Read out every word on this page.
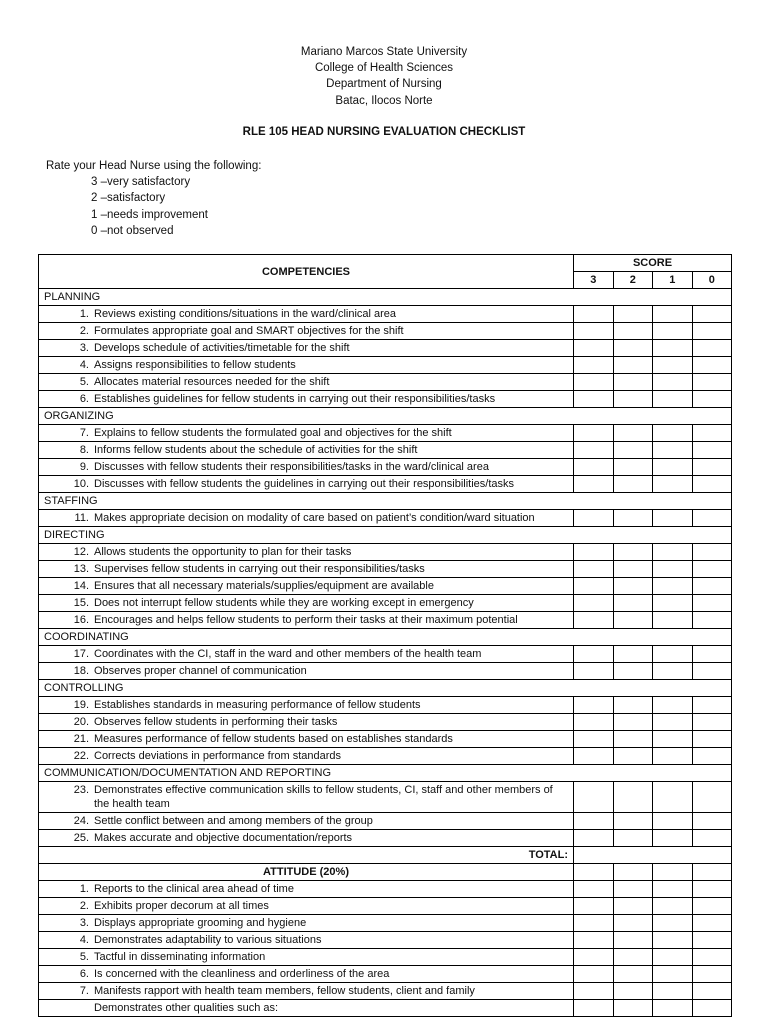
Mariano Marcos State University
College of Health Sciences
Department of Nursing
Batac, Ilocos Norte
RLE 105 HEAD NURSING EVALUATION CHECKLIST
Rate your Head Nurse using the following:
3 –very satisfactory
2 –satisfactory
1 –needs improvement
0 –not observed
COMPETENCIES	SCORE			
	3	2	1	0
PLANNING				
1. Reviews existing conditions/situations in the ward/clinical area				
2. Formulates appropriate goal and SMART objectives for the shift				
3. Develops schedule of activities/timetable for the shift				
4. Assigns responsibilities to fellow students				
5. Allocates material resources needed for the shift				
6. Establishes guidelines for fellow students in carrying out their responsibilities/tasks				
ORGANIZING				
7. Explains to fellow students the formulated goal and objectives for the shift				
8. Informs fellow students about the schedule of activities for the shift				
9. Discusses with fellow students their responsibilities/tasks in the ward/clinical area				
10. Discusses with fellow students the guidelines in carrying out their responsibilities/tasks				
STAFFING				
11. Makes appropriate decision on modality of care based on patient’s condition/ward situation				
DIRECTING				
12. Allows students the opportunity to plan for their tasks				
13. Supervises fellow students in carrying out their responsibilities/tasks				
14. Ensures that all necessary materials/supplies/equipment are available				
15. Does not interrupt fellow students while they are working except in emergency				
16. Encourages and helps fellow students to perform their tasks at their maximum potential				
COORDINATING				
17. Coordinates with the CI, staff in the ward and other members of the health team				
18. Observes proper channel of communication				
CONTROLLING				
19. Establishes standards in measuring performance of fellow students				
20. Observes fellow students in performing their tasks				
21. Measures performance of fellow students based on establishes standards				
22. Corrects deviations in performance from standards				
COMMUNICATION/DOCUMENTATION AND REPORTING				
23. Demonstrates effective communication skills to fellow students, CI, staff and other members of the health team				
24. Settle conflict between and among members of the group				
25. Makes accurate and objective documentation/reports				
TOTAL:				
ATTITUDE (20%)				
1. Reports to the clinical area ahead of time				
2. Exhibits proper decorum at all times				
3. Displays appropriate grooming and hygiene				
4. Demonstrates adaptability to various situations				
5. Tactful in disseminating information				
6. Is concerned with the cleanliness and orderliness of the area				
7. Manifests rapport with health team members, fellow students, client and family				
Demonstrates other qualities such as:				
